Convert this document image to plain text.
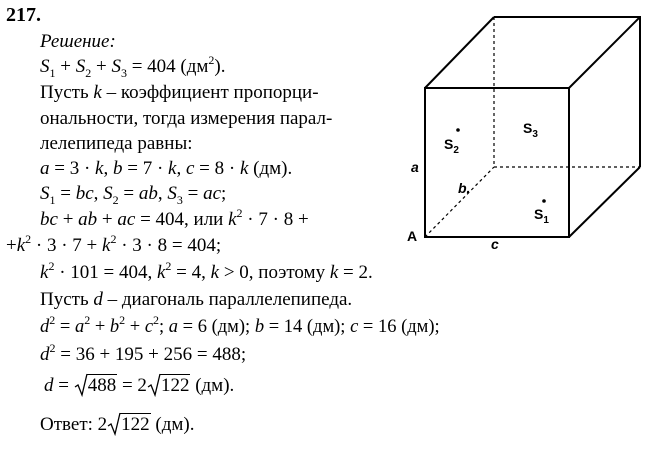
217.
Решение:
$S_1 + S_2 + S_3 = 404$ $(дм^2)$.
Пусть k – коэффициент пропорци-
ональности, тогда измерения парал-
лелепипеда равны:
a = 3 · k, b = 7 · k, c = 8 · k (дм).
$S_1$ = bc, $S_2$ = ab, $S_3$ = ac;
bc + ab + ac = 404, или $k^2 \cdot 7 \cdot 8$ +
$+k^2 \cdot 3 \cdot 7 + k^2 \cdot 3 \cdot 8 = 404$;
$k^2 \cdot 101 = 404$, $k^2 = 4$, k > 0, поэтому k = 2.
Пусть d – диагональ параллелепипеда.
$d^2 = a^2 + b^2 + c^2$; a = 6 (дм); b = 14 (дм); c = 16 (дм);
$d^2 = 36 + 195 + 256 = 488$;
d =
488 = 2 122 (дм).
Ответ: 2 122 (дм).
$S_2$
$S_3$
$S_1$
a
b.
c
A
